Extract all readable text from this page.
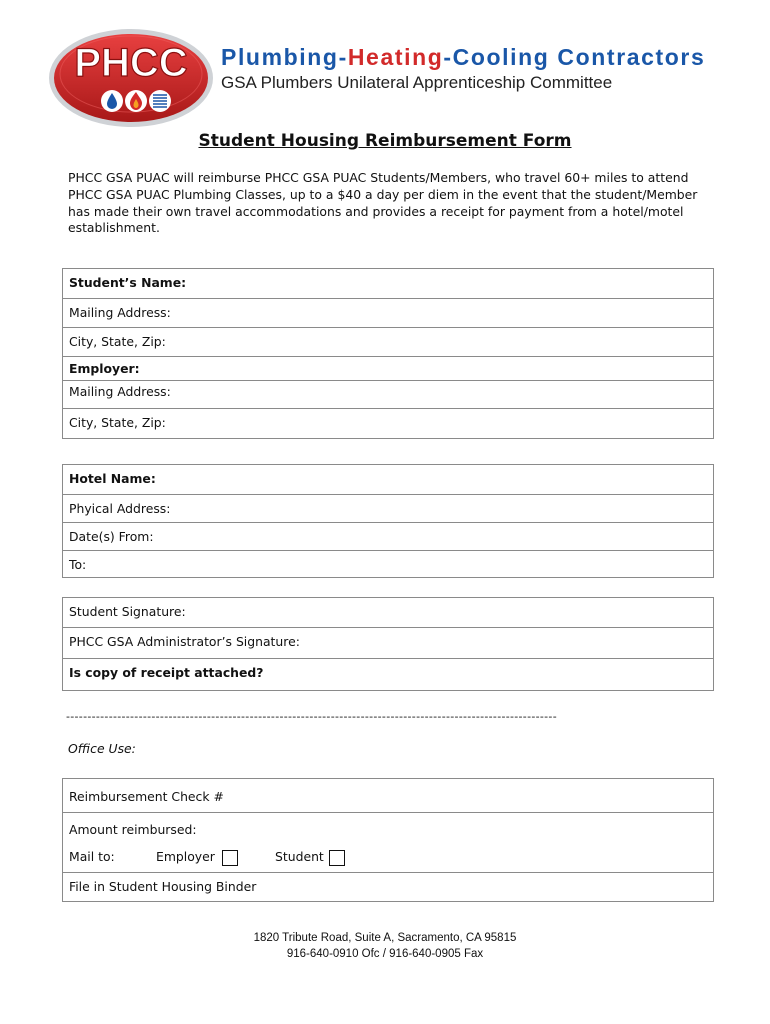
PHCC Plumbing-Heating-Cooling Contractors
GSA Plumbers Unilateral Apprenticeship Committee
Student Housing Reimbursement Form
PHCC GSA PUAC will reimburse PHCC GSA PUAC Students/Members, who travel 60+ miles to attend PHCC GSA PUAC Plumbing Classes, up to a $40 a day per diem in the event that the student/Member has made their own travel accommodations and provides a receipt for payment from a hotel/motel establishment.
Student’s Name:
Mailing Address:
City, State, Zip:
Employer:
Mailing Address:
City, State, Zip:
Hotel Name:
Phyical Address:
Date(s) From:
To:
Student Signature:
PHCC GSA Administrator’s Signature:
Is copy of receipt attached?
-------------------------------------------------------------------------------------------------------------------
Office Use:
Reimbursement Check #
Amount reimbursed:
Mail to:	Employer	Student
File in Student Housing Binder
1820 Tribute Road, Suite A, Sacramento, CA 95815
916-640-0910 Ofc / 916-640-0905 Fax
